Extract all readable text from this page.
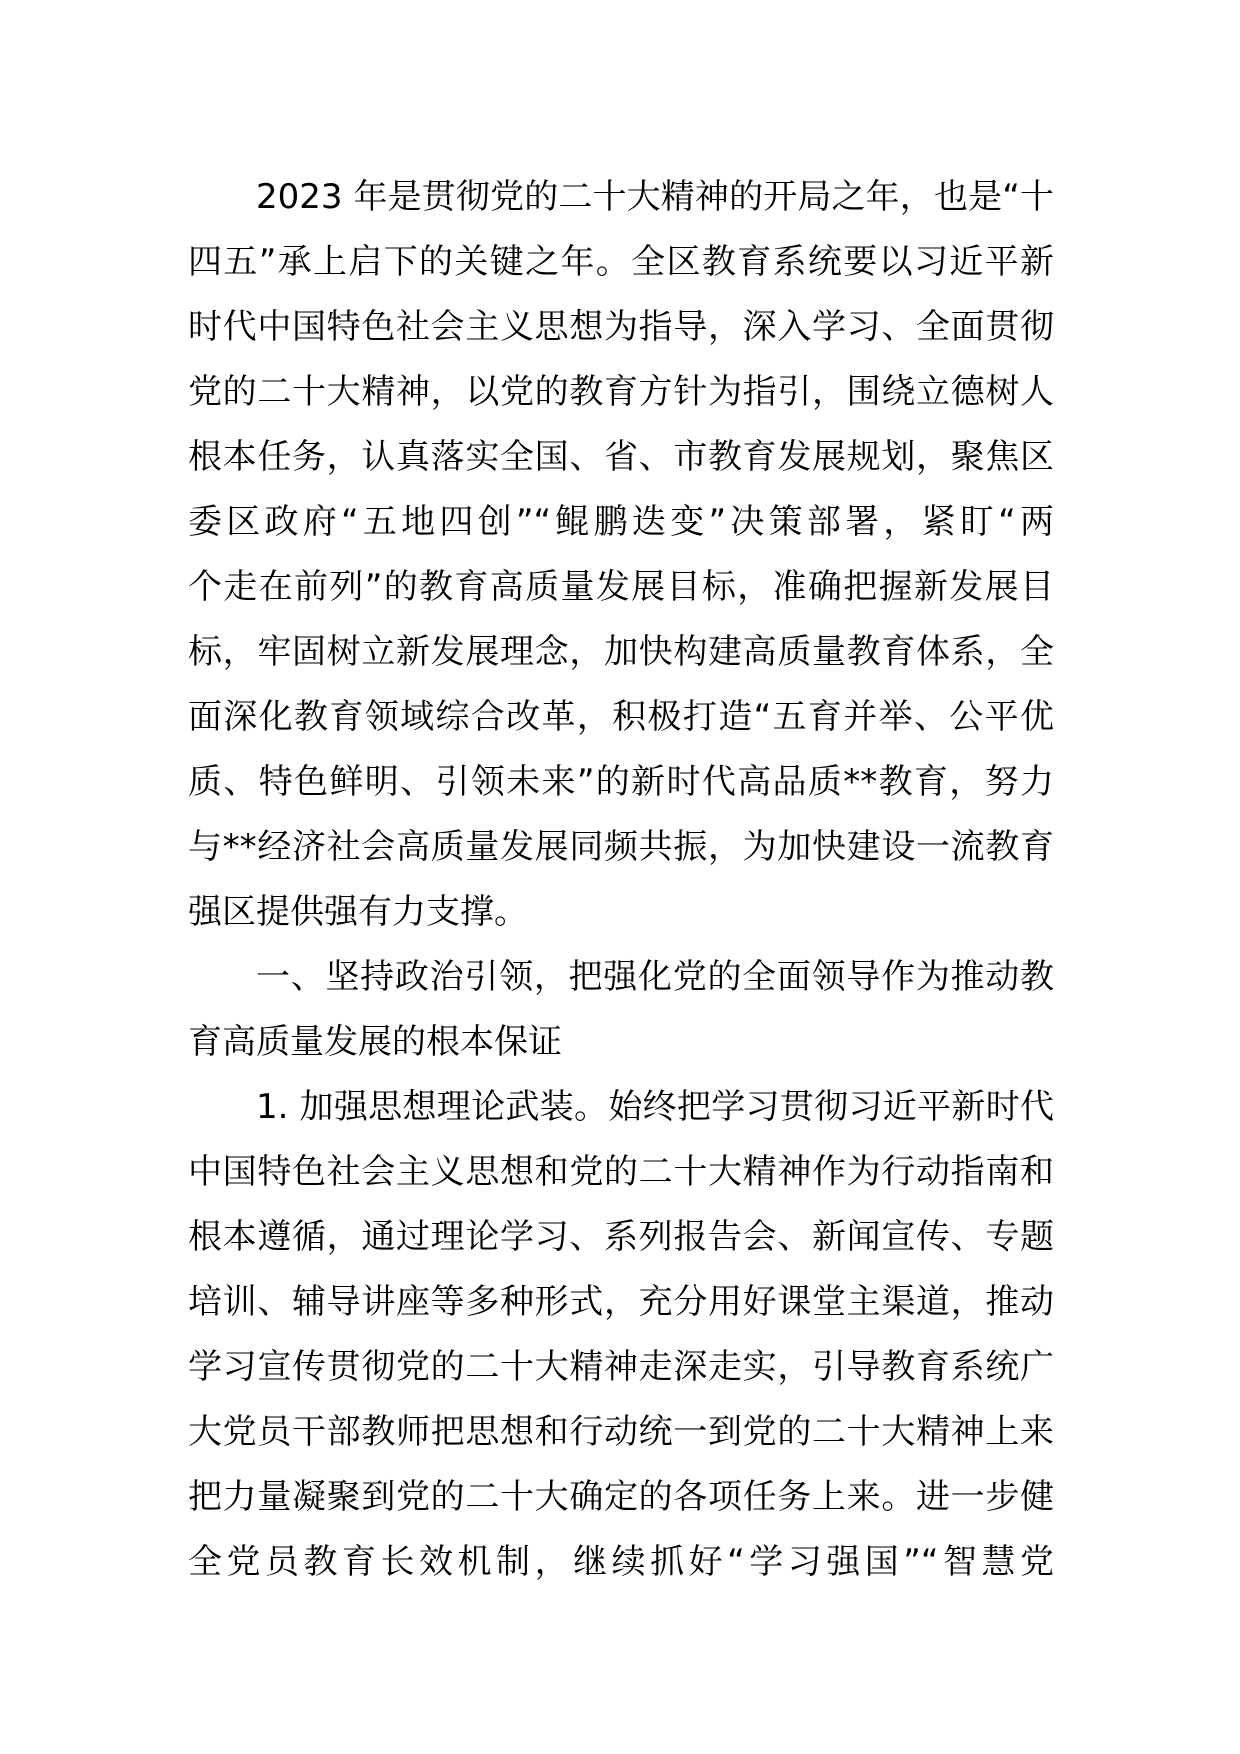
2023 年是贯彻党的二十大精神的开局之年，也是“十
四五”承上启下的关键之年。全区教育系统要以习近平新
时代中国特色社会主义思想为指导，深入学习、全面贯彻
党的二十大精神，以党的教育方针为指引，围绕立德树人
根本任务，认真落实全国、省、市教育发展规划，聚焦区
委区政府“五地四创”“鲲鹏迭变”决策部署，紧盯“两
个走在前列”的教育高质量发展目标，准确把握新发展目
标，牢固树立新发展理念，加快构建高质量教育体系，全
面深化教育领域综合改革，积极打造“五育并举、公平优
质、特色鲜明、引领未来”的新时代高品质**教育，努力
与**经济社会高质量发展同频共振，为加快建设一流教育
强区提供强有力支撑。
一、坚持政治引领，把强化党的全面领导作为推动教
育高质量发展的根本保证
1. 加强思想理论武装。始终把学习贯彻习近平新时代
中国特色社会主义思想和党的二十大精神作为行动指南和
根本遵循，通过理论学习、系列报告会、新闻宣传、专题
培训、辅导讲座等多种形式，充分用好课堂主渠道，推动
学习宣传贯彻党的二十大精神走深走实，引导教育系统广
大党员干部教师把思想和行动统一到党的二十大精神上来
把力量凝聚到党的二十大确定的各项任务上来。进一步健
全党员教育长效机制，继续抓好“学习强国”“智慧党
